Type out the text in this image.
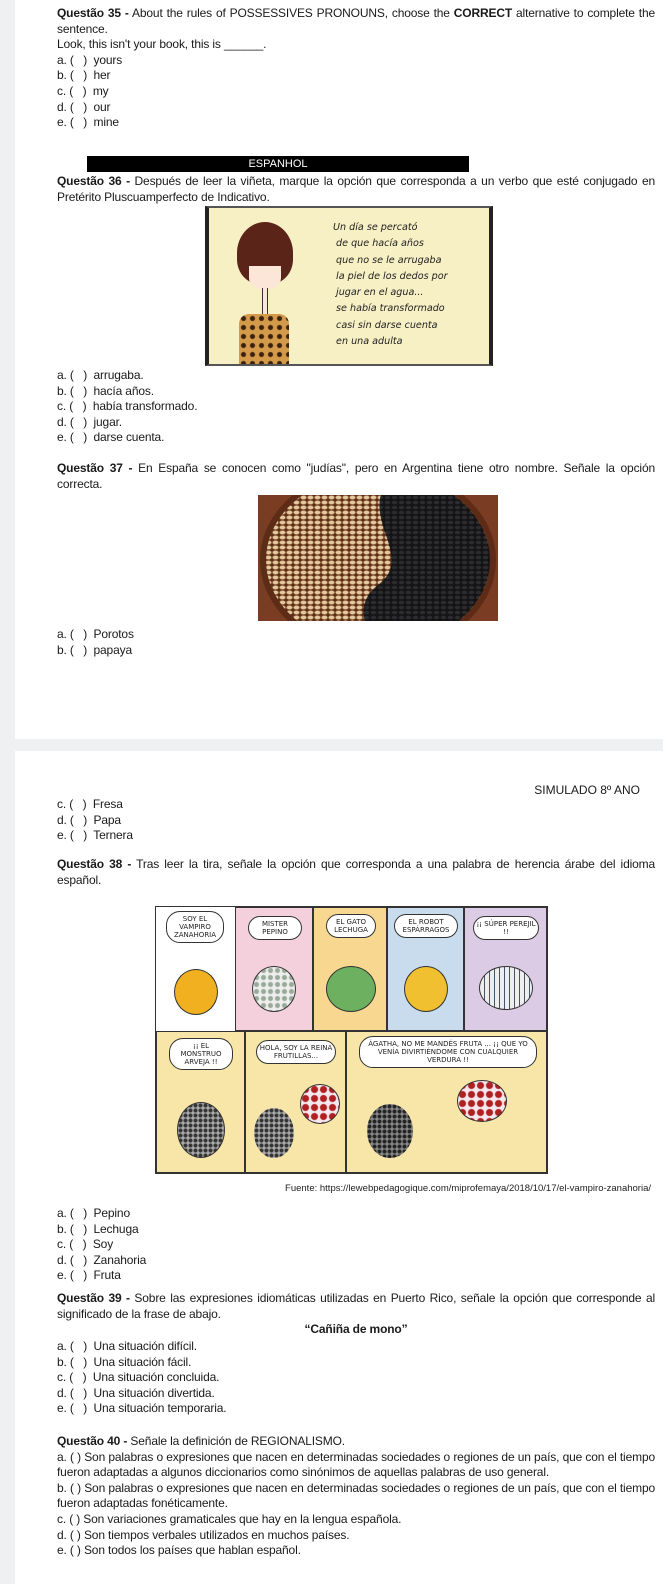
Questão 35 - About the rules of POSSESSIVES PRONOUNS, choose the CORRECT alternative to complete the sentence.
Look, this isn't your book, this is ______.
a. (   )  yours
b. (   )  her
c. (   )  my
d. (   )  our
e. (   )  mine
ESPANHOL
Questão 36 - Después de leer la viñeta, marque la opción que corresponda a un verbo que esté conjugado en Pretérito Pluscuamperfecto de Indicativo.
Un día se percató
de que hacía años
que no se le arrugaba
la piel de los dedos por
jugar en el agua...
se había transformado
casi sin darse cuenta
en una adulta
a. (   )  arrugaba.
b. (   )  hacía años.
c. (   )  había transformado.
d. (   )  jugar.
e. (   )  darse cuenta.
Questão 37 - En España se conocen como "judías", pero en Argentina tiene otro nombre. Señale la opción correcta.
a. (   )  Porotos
b. (   )  papaya
SIMULADO 8º ANO
c. (   )  Fresa
d. (   )  Papa
e. (   )  Ternera
Questão 38 - Tras leer la tira, señale la opción que corresponda a una palabra de herencia árabe del idioma español.
SOY EL VAMPIRO ZANAHORIA
MISTER PEPINO
EL GATO LECHUGA
EL ROBOT ESPÁRRAGOS
¡¡ SÚPER PEREJIL !!
¡¡ EL MONSTRUO ARVEJA !!
HOLA, SOY LA REINA FRUTILLAS...
ÁGATHA, NO ME MANDÉS FRUTA ... ¡¡ QUE YO VENÍA DIVIRTIÉNDOME CON CUALQUIER VERDURA !!
Fuente: https://lewebpedagogique.com/miprofemaya/2018/10/17/el-vampiro-zanahoria/
a. (   )  Pepino
b. (   )  Lechuga
c. (   )  Soy
d. (   )  Zanahoria
e. (   )  Fruta
Questão 39 - Sobre las expresiones idiomáticas utilizadas en Puerto Rico, señale la opción que corresponde al significado de la frase de abajo.
“Cañiña de mono”
a. (   )  Una situación difícil.
b. (   )  Una situación fácil.
c. (   )  Una situación concluida.
d. (   )  Una situación divertida.
e. (   )  Una situación temporaria.
Questão 40 - Señale la definición de REGIONALISMO.
a. ( ) Son palabras o expresiones que nacen en determinadas sociedades o regiones de un país, que con el tiempo fueron adaptadas a algunos diccionarios como sinónimos de aquellas palabras de uso general.
b. ( ) Son palabras o expresiones que nacen en determinadas sociedades o regiones de un país, que con el tiempo fueron adaptadas fonéticamente.
c. ( ) Son variaciones gramaticales que hay en la lengua española.
d. ( ) Son tiempos verbales utilizados en muchos países.
e. ( ) Son todos los países que hablan español.
